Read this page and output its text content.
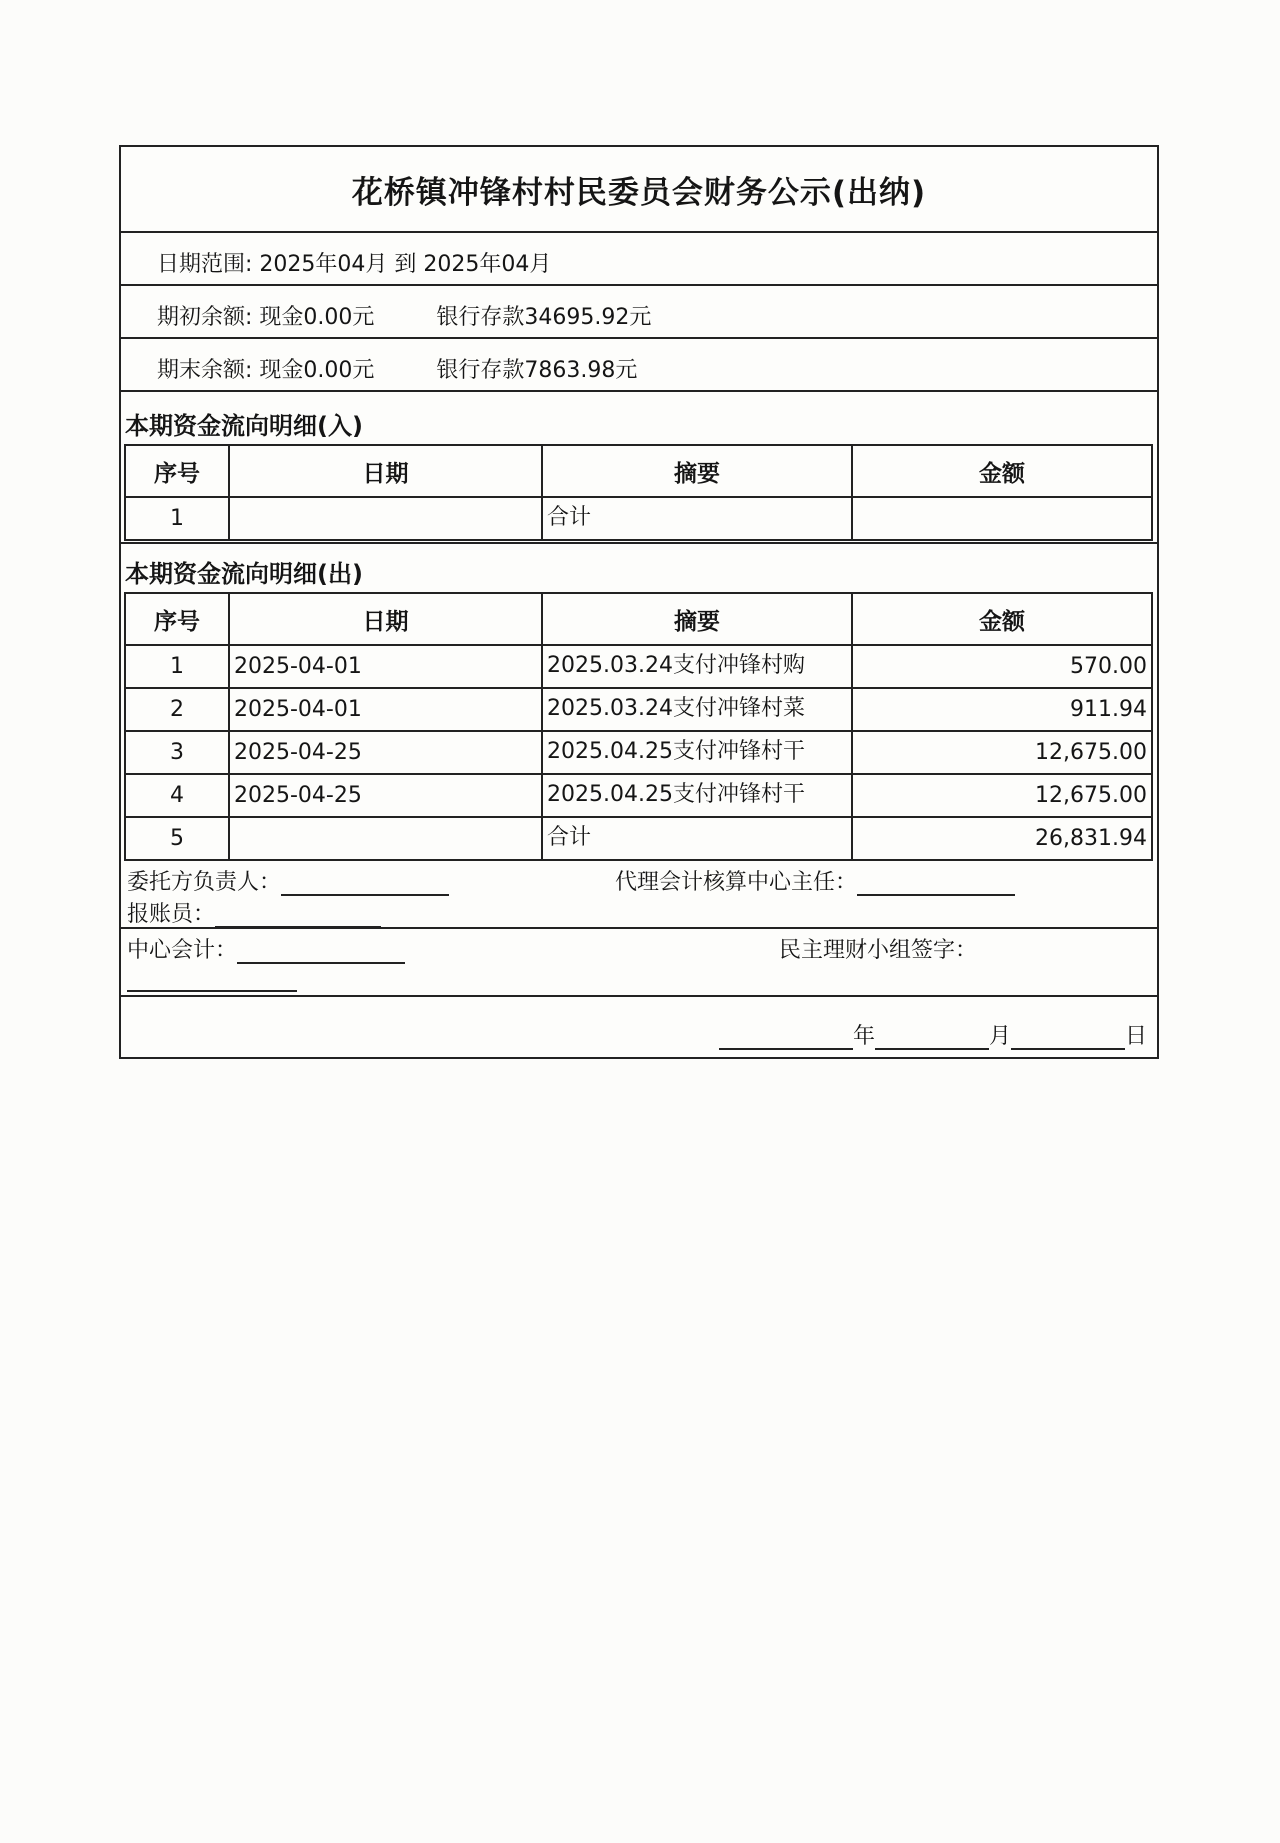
花桥镇冲锋村村民委员会财务公示(出纳)
日期范围: 2025年04月 到 2025年04月
期初余额: 现金0.00元	银行存款34695.92元
期末余额: 现金0.00元	银行存款7863.98元
本期资金流向明细(入)
序号	日期	摘要	金额
1		合计	
本期资金流向明细(出)
序号	日期	摘要	金额
1	2025-04-01	2025.03.24支付冲锋村购	570.00
2	2025-04-01	2025.03.24支付冲锋村菜	911.94
3	2025-04-25	2025.04.25支付冲锋村干	12,675.00
4	2025-04-25	2025.04.25支付冲锋村干	12,675.00
5		合计	26,831.94
委托方负责人：	代理会计核算中心主任：
报账员：
中心会计：	民主理财小组签字：
年	月	日
